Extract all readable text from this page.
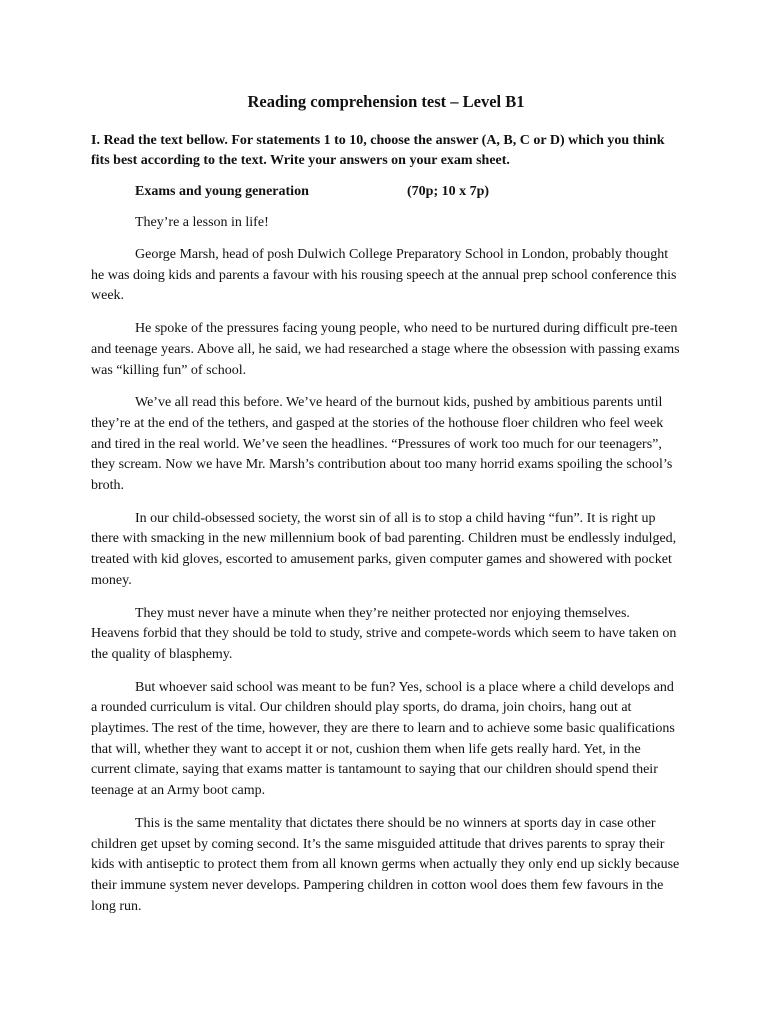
Reading comprehension test – Level B1
I. Read the text bellow. For statements 1 to 10, choose the answer (A, B, C or D) which you think fits best according to the text. Write your answers on your exam sheet.
Exams and young generation	(70p; 10 x 7p)
They’re a lesson in life!

George Marsh, head of posh Dulwich College Preparatory School in London, probably thought he was doing kids and parents a favour with his rousing speech at the annual prep school conference this week.

He spoke of the pressures facing young people, who need to be nurtured during difficult pre-teen and teenage years. Above all, he said, we had researched a stage where the obsession with passing exams was “killing fun” of school.

We’ve all read this before. We’ve heard of the burnout kids, pushed by ambitious parents until they’re at the end of the tethers, and gasped at the stories of the hothouse floer children who feel week and tired in the real world. We’ve seen the headlines. “Pressures of work too much for our teenagers”, they scream. Now we have Mr. Marsh’s contribution about too many horrid exams spoiling the school’s broth.

In our child-obsessed society, the worst sin of all is to stop a child having “fun”. It is right up there with smacking in the new millennium book of bad parenting. Children must be endlessly indulged, treated with kid gloves, escorted to amusement parks, given computer games and showered with pocket money.

They must never have a minute when they’re neither protected nor enjoying themselves. Heavens forbid that they should be told to study, strive and compete-words which seem to have taken on the quality of blasphemy.

But whoever said school was meant to be fun? Yes, school is a place where a child develops and a rounded curriculum is vital. Our children should play sports, do drama, join choirs, hang out at playtimes. The rest of the time, however, they are there to learn and to achieve some basic qualifications that will, whether they want to accept it or not, cushion them when life gets really hard. Yet, in the current climate, saying that exams matter is tantamount to saying that our children should spend their teenage at an Army boot camp.

This is the same mentality that dictates there should be no winners at sports day in case other children get upset by coming second. It’s the same misguided attitude that drives parents to spray their kids with antiseptic to protect them from all known germs when actually they only end up sickly because their immune system never develops. Pampering children in cotton wool does them few favours in the long run.
